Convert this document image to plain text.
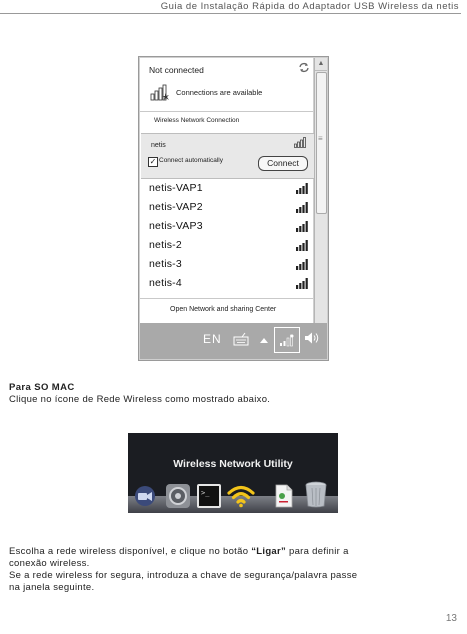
Guia de Instalação Rápida do Adaptador USB Wireless da netis
Not connected
Connections are available
Wireless Network Connection
netis
✓ Connect automatically	Connect
netis-VAP1
netis-VAP2
netis-VAP3
netis-2
netis-3
netis-4
Open Network and sharing Center
▲
≡
EN
Para SO MAC
Clique no ícone de Rede Wireless como mostrado abaixo.
Wireless Network Utility
>_
Escolha a rede wireless disponível, e clique no botão “Ligar” para definir a
conexão wireless.
Se a rede wireless for segura, introduza a chave de segurança/palavra passe
na janela seguinte.
13
